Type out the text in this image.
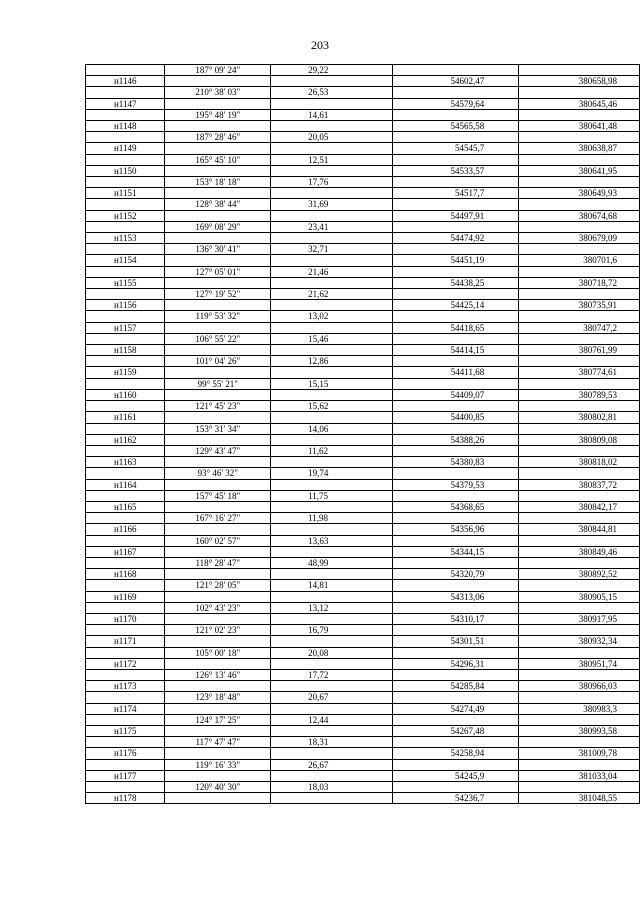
203
	187° 09' 24"	29,22		
н1146			54602,47	380658,98
	210° 38' 03"	26,53		
н1147			54579,64	380645,46
	195° 48' 19"	14,61		
н1148			54565,58	380641,48
	187° 28' 46"	20,05		
н1149			54545,7	380638,87
	165° 45' 10"	12,51		
н1150			54533,57	380641,95
	153° 18' 18"	17,76		
н1151			54517,7	380649,93
	128° 38' 44"	31,69		
н1152			54497,91	380674,68
	169° 08' 29"	23,41		
н1153			54474,92	380679,09
	136° 30' 41"	32,71		
н1154			54451,19	380701,6
	127° 05' 01"	21,46		
н1155			54438,25	380718,72
	127° 19' 52"	21,62		
н1156			54425,14	380735,91
	119° 53' 32"	13,02		
н1157			54418,65	380747,2
	106° 55' 22"	15,46		
н1158			54414,15	380761,99
	101° 04' 26"	12,86		
н1159			54411,68	380774,61
	99° 55' 21"	15,15		
н1160			54409,07	380789,53
	121° 45' 23"	15,62		
н1161			54400,85	380802,81
	153° 31' 34"	14,06		
н1162			54388,26	380809,08
	129° 43' 47"	11,62		
н1163			54380,83	380818,02
	93° 46' 32"	19,74		
н1164			54379,53	380837,72
	157° 45' 18"	11,75		
н1165			54368,65	380842,17
	167° 16' 27"	11,98		
н1166			54356,96	380844,81
	160° 02' 57"	13,63		
н1167			54344,15	380849,46
	118° 28' 47"	48,99		
н1168			54320,79	380892,52
	121° 28' 05"	14,81		
н1169			54313,06	380905,15
	102° 43' 23"	13,12		
н1170			54310,17	380917,95
	121° 02' 23"	16,79		
н1171			54301,51	380932,34
	105° 00' 18"	20,08		
н1172			54296,31	380951,74
	126° 13' 46"	17,72		
н1173			54285,84	380966,03
	123° 18' 48"	20,67		
н1174			54274,49	380983,3
	124° 17' 25"	12,44		
н1175			54267,48	380993,58
	117° 47' 47"	18,31		
н1176			54258,94	381009,78
	119° 16' 33"	26,67		
н1177			54245,9	381033,04
	120° 40' 30"	18,03		
н1178			54236,7	381048,55
